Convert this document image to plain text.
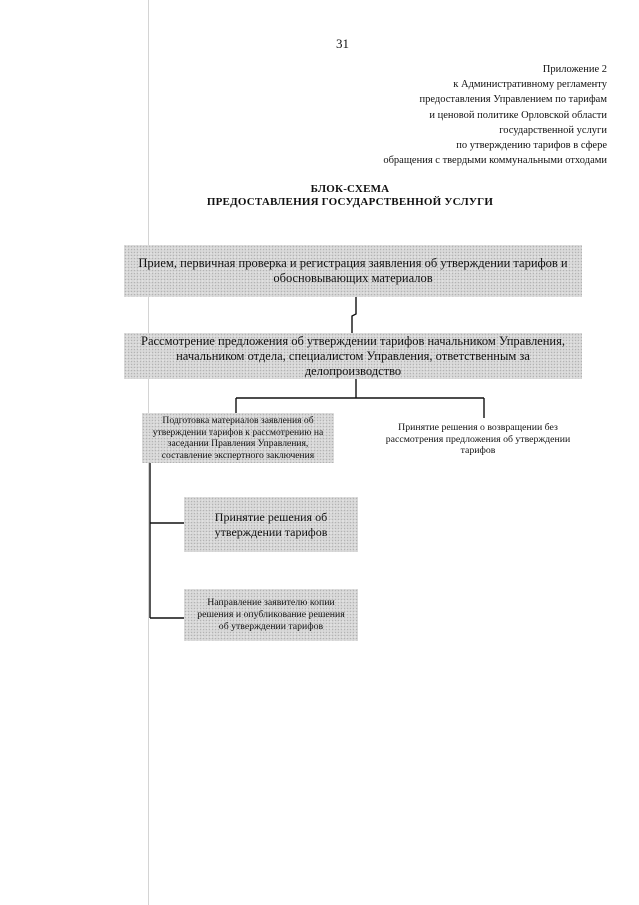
31
Приложение 2
к Административному регламенту
предоставления Управлением по тарифам
и ценовой политике Орловской области
государственной услуги
по утверждению тарифов в сфере
обращения с твердыми коммунальными отходами
БЛОК-СХЕМА
ПРЕДОСТАВЛЕНИЯ ГОСУДАРСТВЕННОЙ УСЛУГИ
Прием, первичная проверка и регистрация заявления об утверждении тарифов и
обосновывающих материалов
Рассмотрение предложения об утверждении тарифов начальником Управления,
начальником отдела, специалистом Управления, ответственным за
делопроизводство
Подготовка материалов заявления об
утверждении тарифов к рассмотрению на
заседании Правления Управления,
составление экспертного заключения
Принятие решения о возвращении без рассмотрения предложения об утверждении тарифов
Принятие решения об
утверждении тарифов
Направление заявителю копии
решения и опубликование решения
об утверждении тарифов
